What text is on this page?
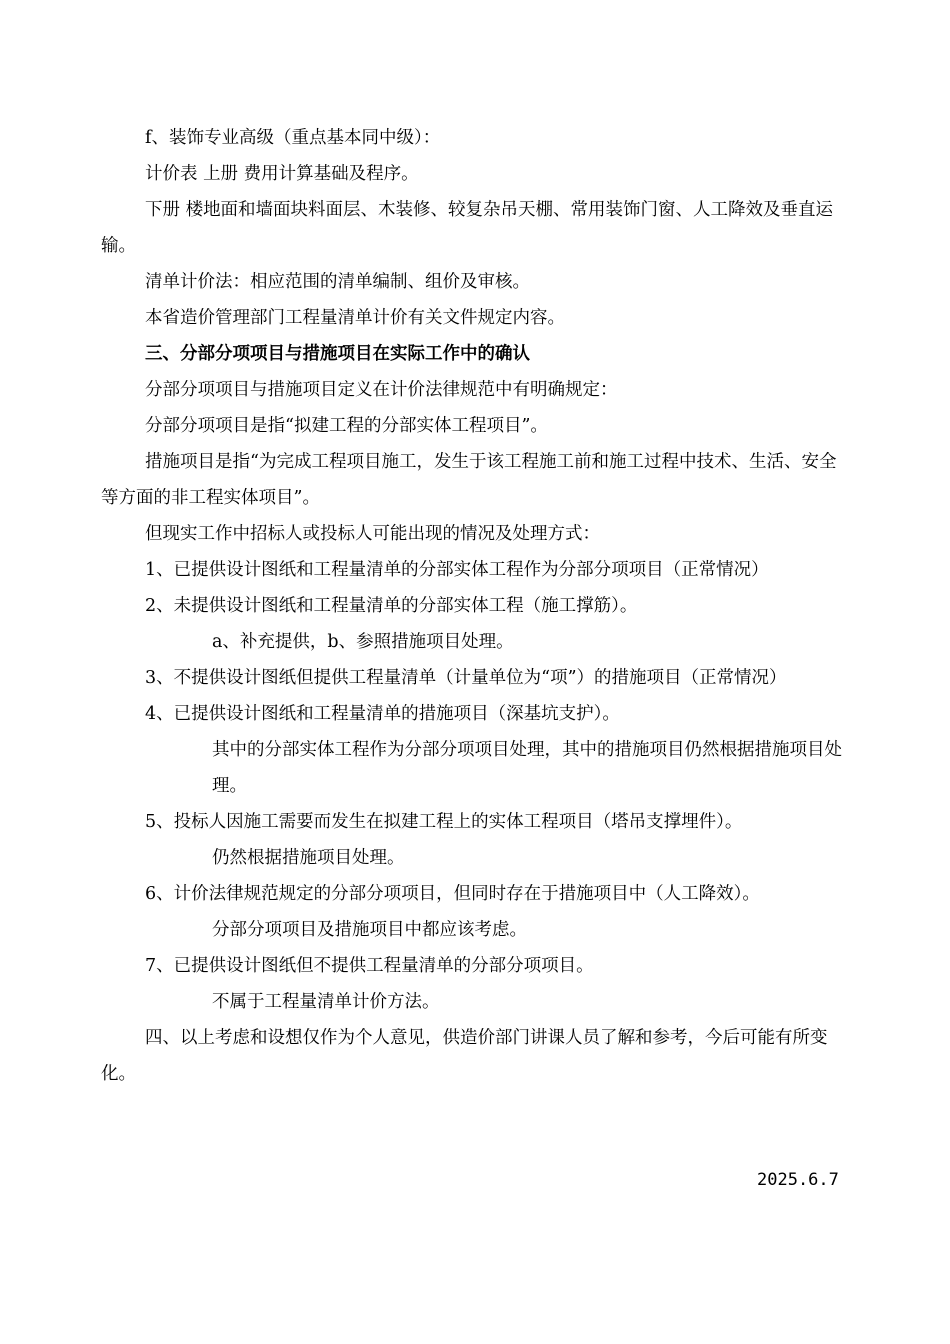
f、装饰专业高级（重点基本同中级）：

计价表 上册 费用计算基础及程序。

下册 楼地面和墙面块料面层、木装修、较复杂吊天棚、常用装饰门窗、人工降效及垂直运输。

清单计价法：相应范围的清单编制、组价及审核。

本省造价管理部门工程量清单计价有关文件规定内容。

三、分部分项项目与措施项目在实际工作中的确认

分部分项项目与措施项目定义在计价法律规范中有明确规定：

分部分项项目是指“拟建工程的分部实体工程项目”。

措施项目是指“为完成工程项目施工，发生于该工程施工前和施工过程中技术、生活、安全等方面的非工程实体项目”。

但现实工作中招标人或投标人可能出现的情况及处理方式：

1、已提供设计图纸和工程量清单的分部实体工程作为分部分项项目（正常情况）

2、未提供设计图纸和工程量清单的分部实体工程（施工撑筋）。

a、补充提供，b、参照措施项目处理。

3、不提供设计图纸但提供工程量清单（计量单位为“项”）的措施项目（正常情况）

4、已提供设计图纸和工程量清单的措施项目（深基坑支护）。

其中的分部实体工程作为分部分项项目处理，其中的措施项目仍然根据措施项目处理。

5、投标人因施工需要而发生在拟建工程上的实体工程项目（塔吊支撑埋件）。

仍然根据措施项目处理。

6、计价法律规范规定的分部分项项目，但同时存在于措施项目中（人工降效）。

分部分项项目及措施项目中都应该考虑。

7、已提供设计图纸但不提供工程量清单的分部分项项目。

不属于工程量清单计价方法。

四、以上考虑和设想仅作为个人意见，供造价部门讲课人员了解和参考，今后可能有所变化。

2025.6.7
